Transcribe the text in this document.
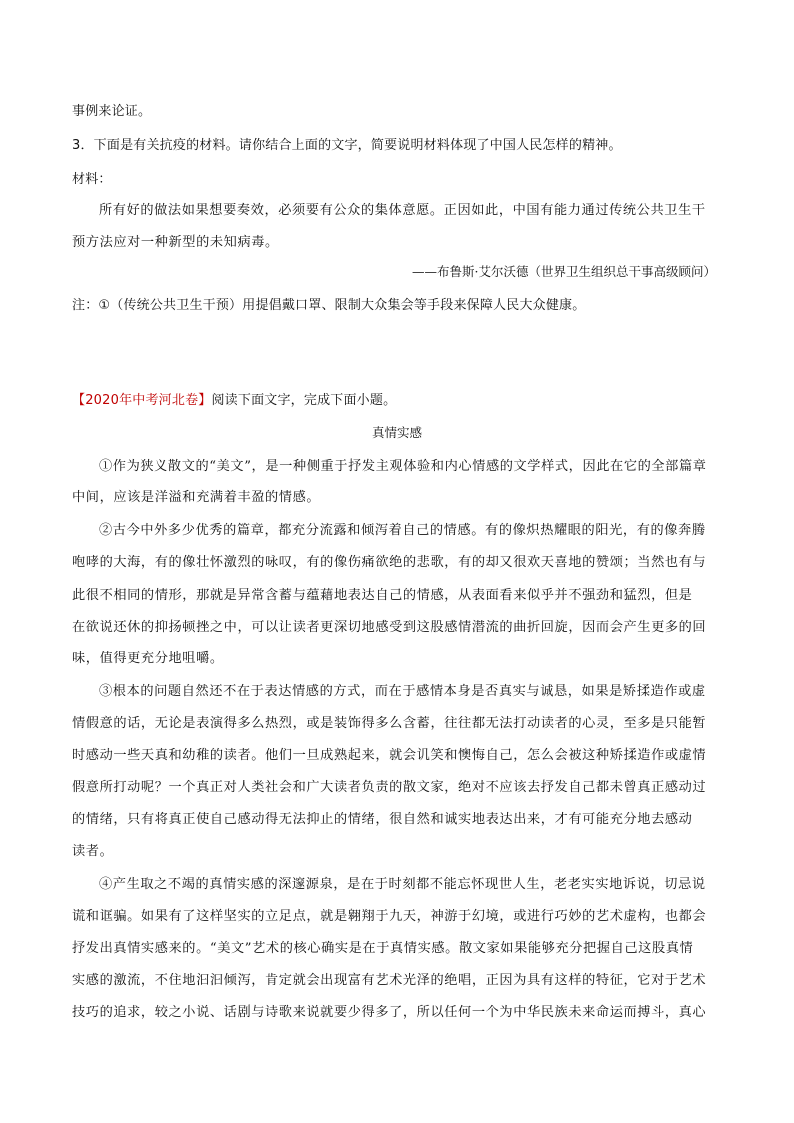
事例来论证。
3．下面是有关抗疫的材料。请你结合上面的文字，简要说明材料体现了中国人民怎样的精神。
材料：
所有好的做法如果想要奏效，必须要有公众的集体意愿。正因如此，中国有能力通过传统公共卫生干
预方法应对一种新型的未知病毒。
——布鲁斯·艾尔沃德（世界卫生组织总干事高级顾问）
注：①（传统公共卫生干预）用提倡戴口罩、限制大众集会等手段来保障人民大众健康。
【2020年中考河北卷】阅读下面文字，完成下面小题。
真情实感
①作为狭义散文的“美文”，是一种侧重于抒发主观体验和内心情感的文学样式，因此在它的全部篇章
中间，应该是洋溢和充满着丰盈的情感。
②古今中外多少优秀的篇章，都充分流露和倾泻着自己的情感。有的像炽热耀眼的阳光，有的像奔腾
咆哮的大海，有的像壮怀激烈的咏叹，有的像伤痛欲绝的悲歌，有的却又很欢天喜地的赞颂；当然也有与
此很不相同的情形，那就是异常含蓄与蕴藉地表达自己的情感，从表面看来似乎并不强劲和猛烈，但是
在欲说还休的抑扬顿挫之中，可以让读者更深切地感受到这股感情潜流的曲折回旋，因而会产生更多的回
味，值得更充分地咀嚼。
③根本的问题自然还不在于表达情感的方式，而在于感情本身是否真实与诚恳，如果是矫揉造作或虚
情假意的话，无论是表演得多么热烈，或是装饰得多么含蓄，往往都无法打动读者的心灵，至多是只能暂
时感动一些天真和幼稚的读者。他们一旦成熟起来，就会讥笑和懊悔自己，怎么会被这种矫揉造作或虚情
假意所打动呢？一个真正对人类社会和广大读者负责的散文家，绝对不应该去抒发自己都未曾真正感动过
的情绪，只有将真正使自己感动得无法抑止的情绪，很自然和诚实地表达出来，才有可能充分地去感动
读者。
④产生取之不竭的真情实感的深邃源泉，是在于时刻都不能忘怀现世人生，老老实实地诉说，切忌说
谎和诓骗。如果有了这样坚实的立足点，就是翱翔于九天，神游于幻境，或进行巧妙的艺术虚构，也都会
抒发出真情实感来的。“美文”艺术的核心确实是在于真情实感。散文家如果能够充分把握自己这股真情
实感的激流，不住地汩汩倾泻，肯定就会出现富有艺术光泽的绝唱，正因为具有这样的特征，它对于艺术
技巧的追求，较之小说、话剧与诗歌来说就要少得多了，所以任何一个为中华民族未来命运而搏斗，真心
